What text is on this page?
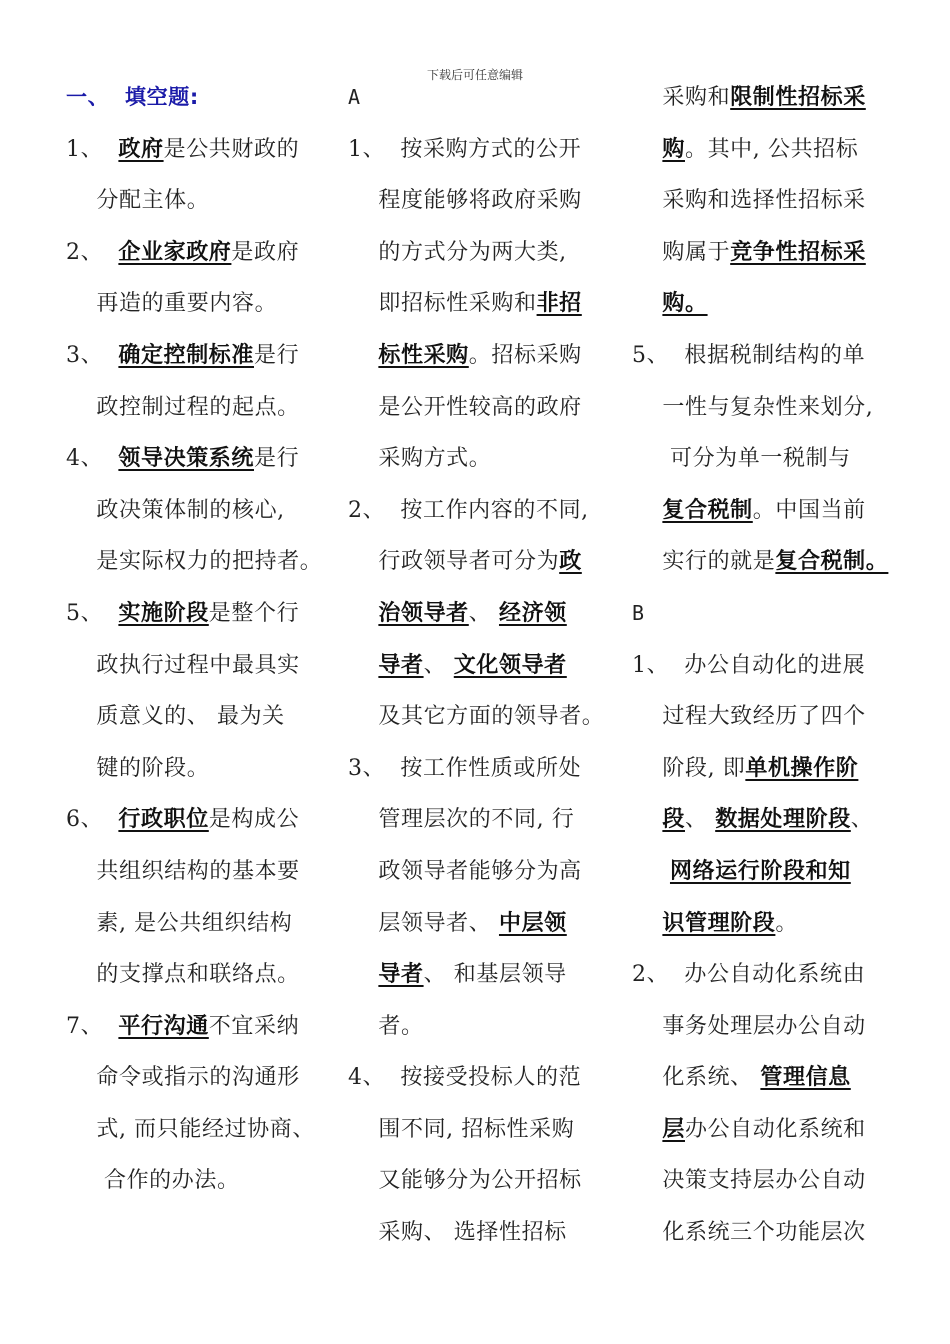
下载后可任意编辑
一、  填空题:
1、  政府是公共财政的
分配主体。
2、  企业家政府是政府
再造的重要内容。
3、  确定控制标准是行
政控制过程的起点。
4、  领导决策系统是行
政决策体制的核心,
是实际权力的把持者。
5、  实施阶段是整个行
政执行过程中最具实
质意义的、 最为关
键的阶段。
6、  行政职位是构成公
共组织结构的基本要
素, 是公共组织结构
的支撑点和联络点。
7、  平行沟通不宜采纳
命令或指示的沟通形
式, 而只能经过协商、
合作的办法。
A
1、  按采购方式的公开
程度能够将政府采购
的方式分为两大类,
即招标性采购和非招
标性采购。招标采购
是公开性较高的政府
采购方式。
2、  按工作内容的不同,
行政领导者可分为政
治领导者、 经济领
导者、 文化领导者
及其它方面的领导者。
3、  按工作性质或所处
管理层次的不同, 行
政领导者能够分为高
层领导者、 中层领
导者、 和基层领导
者。
4、  按接受投标人的范
围不同, 招标性采购
又能够分为公开招标
采购、 选择性招标
采购和限制性招标采
购。其中, 公共招标
采购和选择性招标采
购属于竞争性招标采
购。
5、  根据税制结构的单
一性与复杂性来划分,
可分为单一税制与
复合税制。中国当前
实行的就是复合税制。
B
1、  办公自动化的进展
过程大致经历了四个
阶段, 即单机操作阶
段、 数据处理阶段、
网络运行阶段和知
识管理阶段。
2、  办公自动化系统由
事务处理层办公自动
化系统、 管理信息
层办公自动化系统和
决策支持层办公自动
化系统三个功能层次
